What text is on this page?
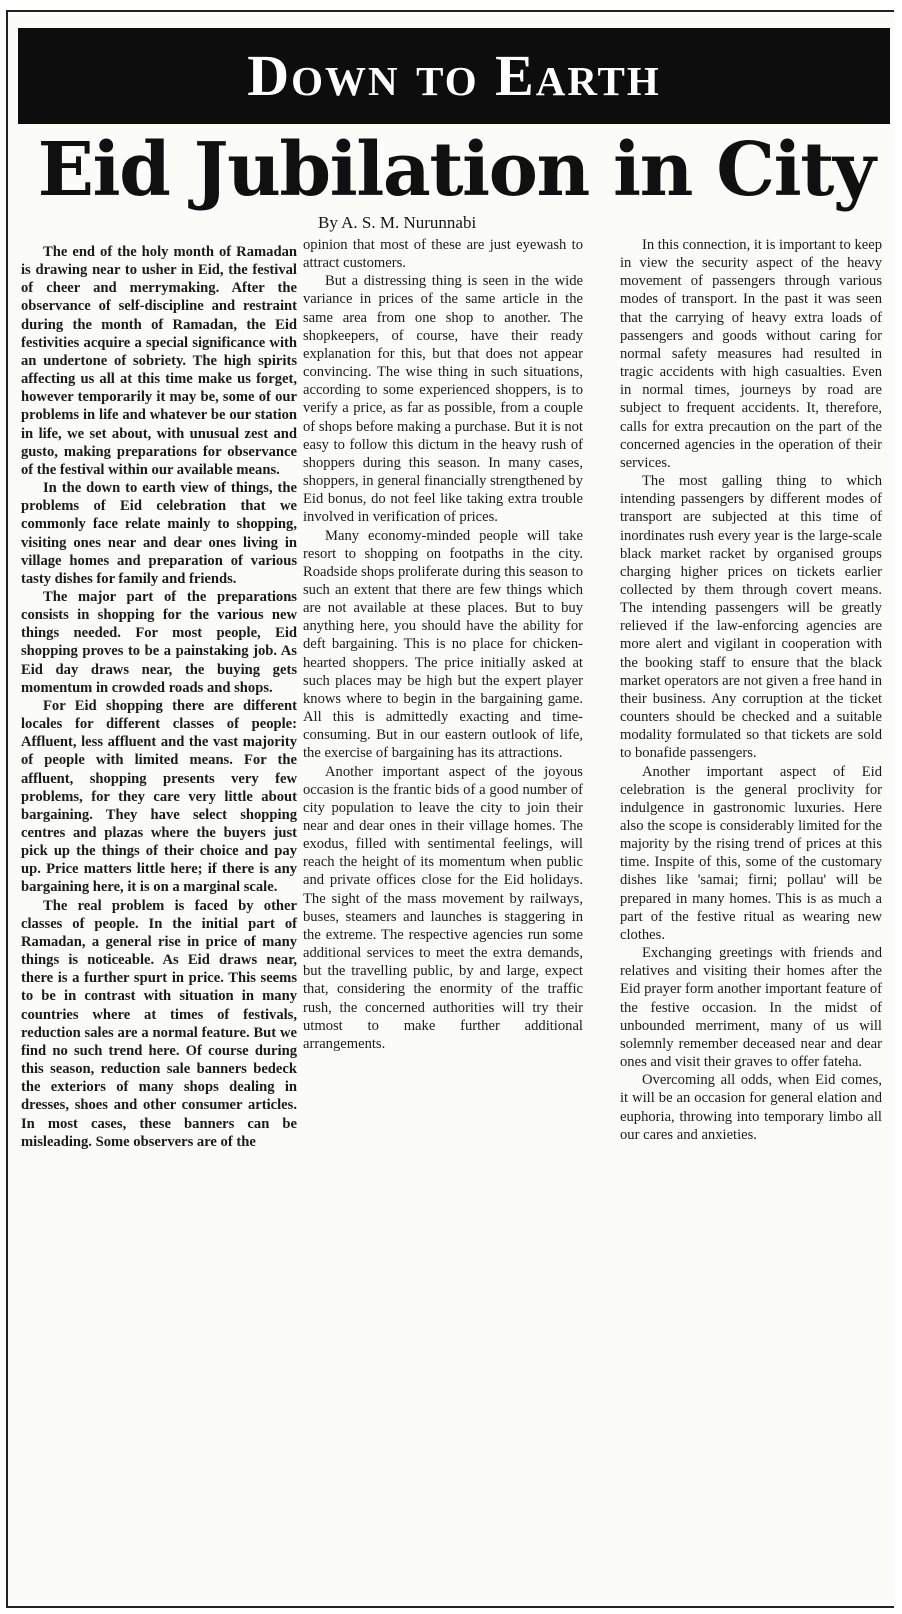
Down to Earth
Eid Jubilation in City
By A. S. M. Nurunnabi

The end of the holy month of Ramadan is drawing near to usher in Eid, the festival of cheer and merrymaking. After the observance of self-discipline and restraint during the month of Ramadan, the Eid festivities acquire a special significance with an undertone of sobriety. The high spirits affecting us all at this time make us forget, however temporarily it may be, some of our problems in life and whatever be our station in life, we set about, with unusual zest and gusto, making preparations for observance of the festival within our available means.

In the down to earth view of things, the problems of Eid celebration that we commonly face relate mainly to shopping, visiting ones near and dear ones living in village homes and preparation of various tasty dishes for family and friends.

The major part of the preparations consists in shopping for the various new things needed. For most people, Eid shopping proves to be a painstaking job. As Eid day draws near, the buying gets momentum in crowded roads and shops.

For Eid shopping there are different locales for different classes of people: Affluent, less affluent and the vast majority of people with limited means. For the affluent, shopping presents very few problems, for they care very little about bargaining. They have select shopping centres and plazas where the buyers just pick up the things of their choice and pay up. Price matters little here; if there is any bargaining here, it is on a marginal scale.

The real problem is faced by other classes of people. In the initial part of Ramadan, a general rise in price of many things is noticeable. As Eid draws near, there is a further spurt in price. This seems to be in contrast with situation in many countries where at times of festivals, reduction sales are a normal feature. But we find no such trend here. Of course during this season, reduction sale banners bedeck the exteriors of many shops dealing in dresses, shoes and other consumer articles. In most cases, these banners can be misleading. Some observers are of the

opinion that most of these are just eyewash to attract customers.

But a distressing thing is seen in the wide variance in prices of the same article in the same area from one shop to another. The shopkeepers, of course, have their ready explanation for this, but that does not appear convincing. The wise thing in such situations, according to some experienced shoppers, is to verify a price, as far as possible, from a couple of shops before making a purchase. But it is not easy to follow this dictum in the heavy rush of shoppers during this season. In many cases, shoppers, in general financially strengthened by Eid bonus, do not feel like taking extra trouble involved in verification of prices.

Many economy-minded people will take resort to shopping on footpaths in the city. Roadside shops proliferate during this season to such an extent that there are few things which are not available at these places. But to buy anything here, you should have the ability for deft bargaining. This is no place for chicken-hearted shoppers. The price initially asked at such places may be high but the expert player knows where to begin in the bargaining game. All this is admittedly exacting and time-consuming. But in our eastern outlook of life, the exercise of bargaining has its attractions.

Another important aspect of the joyous occasion is the frantic bids of a good number of city population to leave the city to join their near and dear ones in their village homes. The exodus, filled with sentimental feelings, will reach the height of its momentum when public and private offices close for the Eid holidays. The sight of the mass movement by railways, buses, steamers and launches is staggering in the extreme. The respective agencies run some additional services to meet the extra demands, but the travelling public, by and large, expect that, considering the enormity of the traffic rush, the concerned authorities will try their utmost to make further additional arrangements.

In this connection, it is important to keep in view the security aspect of the heavy movement of passengers through various modes of transport. In the past it was seen that the carrying of heavy extra loads of passengers and goods without caring for normal safety measures had resulted in tragic accidents with high casualties. Even in normal times, journeys by road are subject to frequent accidents. It, therefore, calls for extra precaution on the part of the concerned agencies in the operation of their services.

The most galling thing to which intending passengers by different modes of transport are subjected at this time of inordinates rush every year is the large-scale black market racket by organised groups charging higher prices on tickets earlier collected by them through covert means. The intending passengers will be greatly relieved if the law-enforcing agencies are more alert and vigilant in cooperation with the booking staff to ensure that the black market operators are not given a free hand in their business. Any corruption at the ticket counters should be checked and a suitable modality formulated so that tickets are sold to bonafide passengers.

Another important aspect of Eid celebration is the general proclivity for indulgence in gastronomic luxuries. Here also the scope is considerably limited for the majority by the rising trend of prices at this time. Inspite of this, some of the customary dishes like 'samai; firni; pollau' will be prepared in many homes. This is as much a part of the festive ritual as wearing new clothes.

Exchanging greetings with friends and relatives and visiting their homes after the Eid prayer form another important feature of the festive occasion. In the midst of unbounded merriment, many of us will solemnly remember deceased near and dear ones and visit their graves to offer fateha.

Overcoming all odds, when Eid comes, it will be an occasion for general elation and euphoria, throwing into temporary limbo all our cares and anxieties.
